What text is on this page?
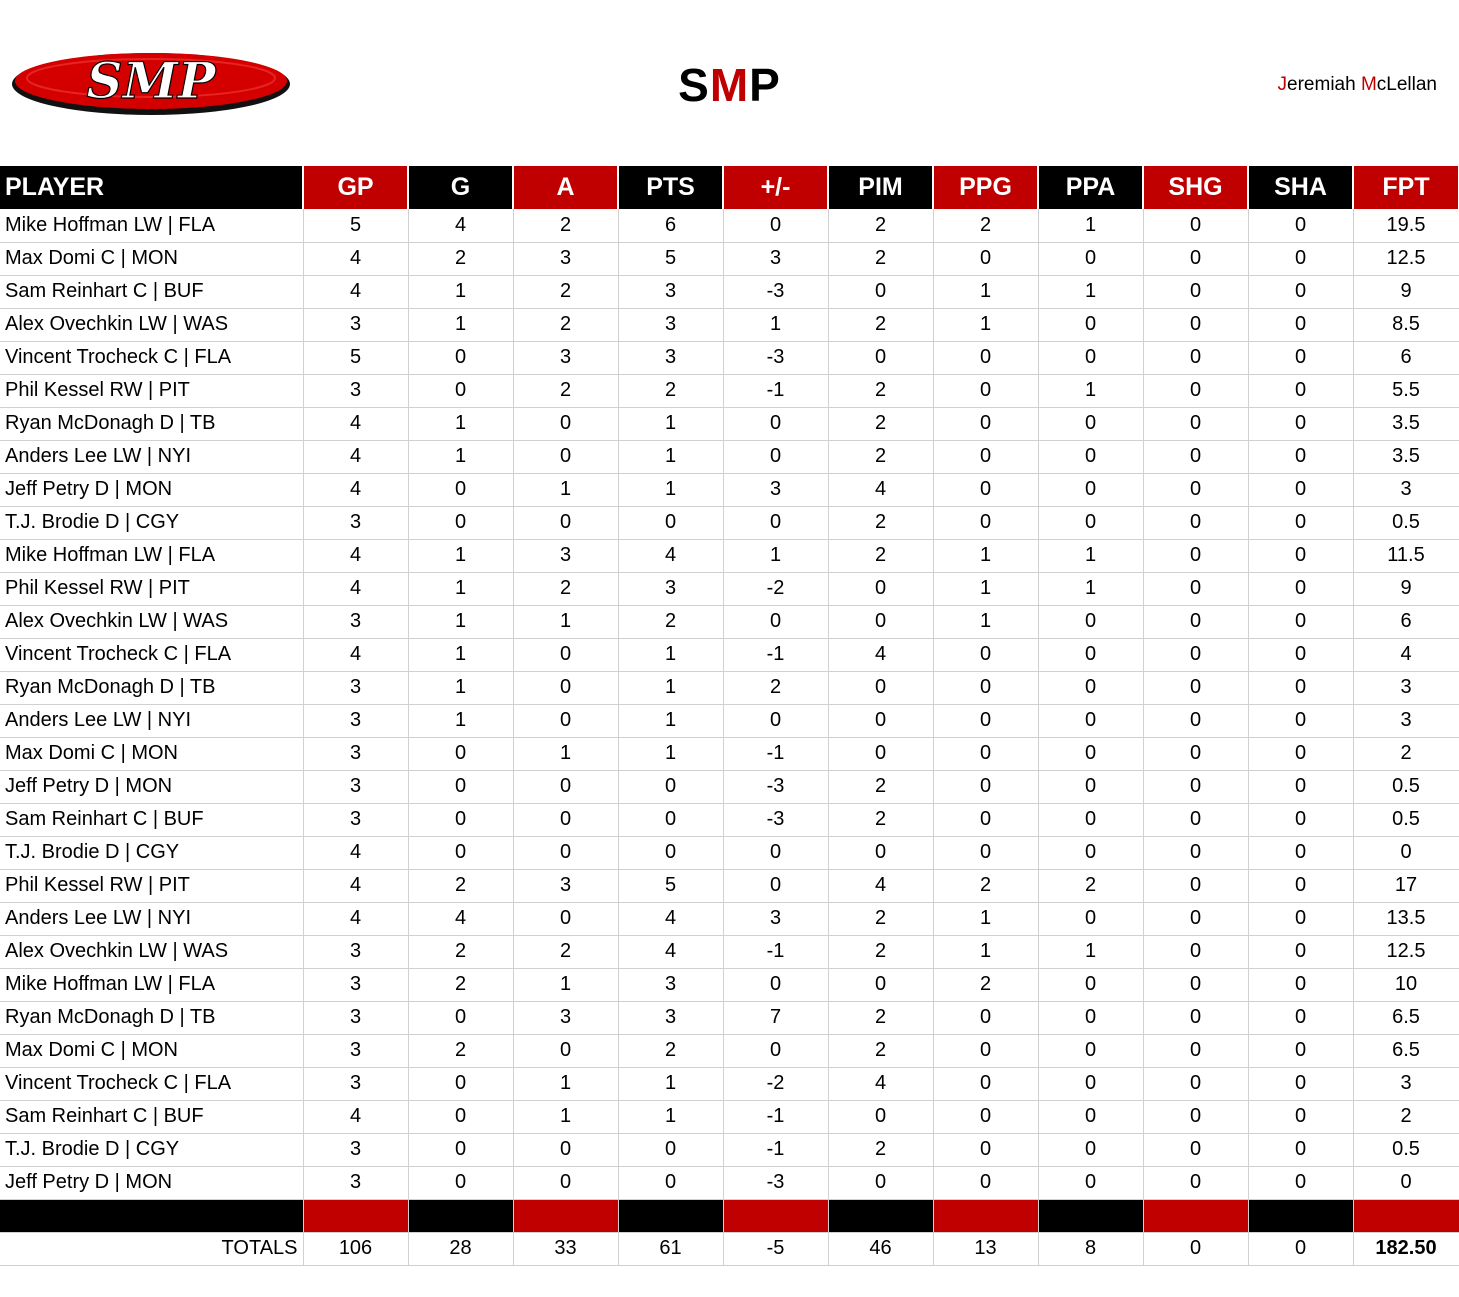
SMP	SMP	Jeremiah McLellan
PLAYER	GP	G	A	PTS	+/-	PIM	PPG	PPA	SHG	SHA	FPT
Mike Hoffman LW | FLA	5	4	2	6	0	2	2	1	0	0	19.5
Max Domi C | MON	4	2	3	5	3	2	0	0	0	0	12.5
Sam Reinhart C | BUF	4	1	2	3	-3	0	1	1	0	0	9
Alex Ovechkin LW | WAS	3	1	2	3	1	2	1	0	0	0	8.5
Vincent Trocheck C | FLA	5	0	3	3	-3	0	0	0	0	0	6
Phil Kessel RW | PIT	3	0	2	2	-1	2	0	1	0	0	5.5
Ryan McDonagh D | TB	4	1	0	1	0	2	0	0	0	0	3.5
Anders Lee LW | NYI	4	1	0	1	0	2	0	0	0	0	3.5
Jeff Petry D | MON	4	0	1	1	3	4	0	0	0	0	3
T.J. Brodie D | CGY	3	0	0	0	0	2	0	0	0	0	0.5
Mike Hoffman LW | FLA	4	1	3	4	1	2	1	1	0	0	11.5
Phil Kessel RW | PIT	4	1	2	3	-2	0	1	1	0	0	9
Alex Ovechkin LW | WAS	3	1	1	2	0	0	1	0	0	0	6
Vincent Trocheck C | FLA	4	1	0	1	-1	4	0	0	0	0	4
Ryan McDonagh D | TB	3	1	0	1	2	0	0	0	0	0	3
Anders Lee LW | NYI	3	1	0	1	0	0	0	0	0	0	3
Max Domi C | MON	3	0	1	1	-1	0	0	0	0	0	2
Jeff Petry D | MON	3	0	0	0	-3	2	0	0	0	0	0.5
Sam Reinhart C | BUF	3	0	0	0	-3	2	0	0	0	0	0.5
T.J. Brodie D | CGY	4	0	0	0	0	0	0	0	0	0	0
Phil Kessel RW | PIT	4	2	3	5	0	4	2	2	0	0	17
Anders Lee LW | NYI	4	4	0	4	3	2	1	0	0	0	13.5
Alex Ovechkin LW | WAS	3	2	2	4	-1	2	1	1	0	0	12.5
Mike Hoffman LW | FLA	3	2	1	3	0	0	2	0	0	0	10
Ryan McDonagh D | TB	3	0	3	3	7	2	0	0	0	0	6.5
Max Domi C | MON	3	2	0	2	0	2	0	0	0	0	6.5
Vincent Trocheck C | FLA	3	0	1	1	-2	4	0	0	0	0	3
Sam Reinhart C | BUF	4	0	1	1	-1	0	0	0	0	0	2
T.J. Brodie D | CGY	3	0	0	0	-1	2	0	0	0	0	0.5
Jeff Petry D | MON	3	0	0	0	-3	0	0	0	0	0	0

TOTALS	106	28	33	61	-5	46	13	8	0	0	182.50
